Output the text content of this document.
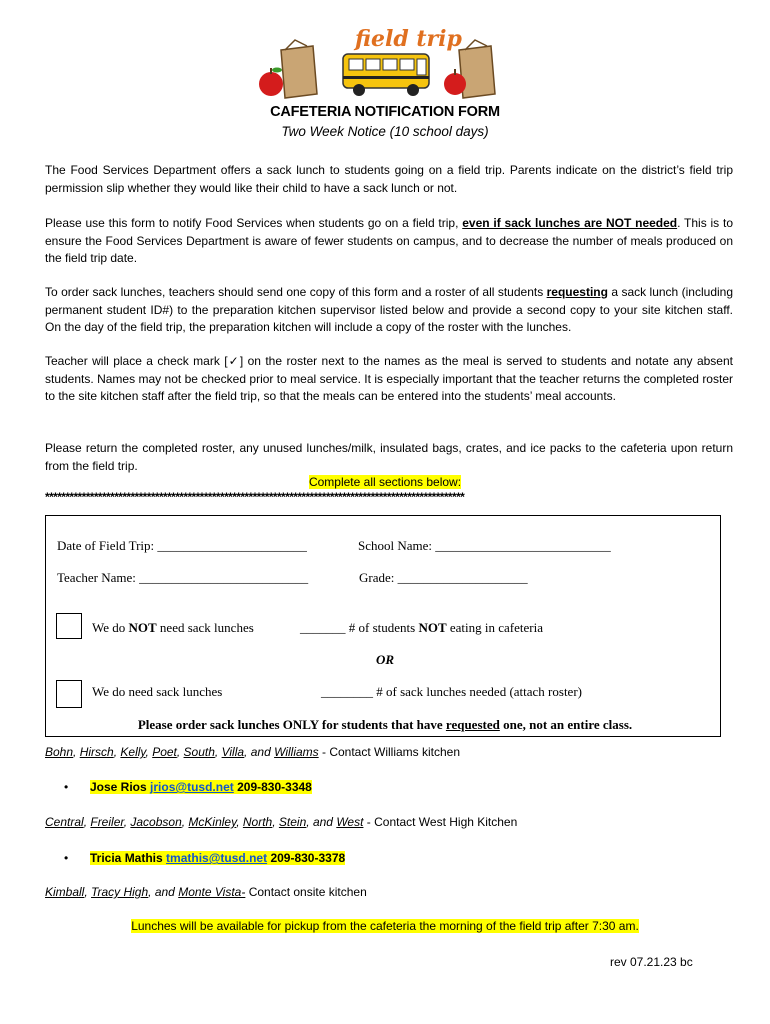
field trip
CAFETERIA NOTIFICATION FORM
Two Week Notice (10 school days)
The Food Services Department offers a sack lunch to students going on a field trip. Parents indicate on the district’s field trip permission slip whether they would like their child to have a sack lunch or not.
Please use this form to notify Food Services when students go on a field trip, even if sack lunches are NOT needed. This is to ensure the Food Services Department is aware of fewer students on campus, and to decrease the number of meals produced on the field trip date.
To order sack lunches, teachers should send one copy of this form and a roster of all students requesting a sack lunch (including permanent student ID#) to the preparation kitchen supervisor listed below and provide a second copy to your site kitchen staff. On the day of the field trip, the preparation kitchen will include a copy of the roster with the lunches.
Teacher will place a check mark [✓] on the roster next to the names as the meal is served to students and notate any absent students. Names may not be checked prior to meal service. It is especially important that the teacher returns the completed roster to the site kitchen staff after the field trip, so that the meals can be entered into the students’ meal accounts.
Please return the completed roster, any unused lunches/milk, insulated bags, crates, and ice packs to the cafeteria upon return from the field trip.
Complete all sections below:
*******************************************************************************************************
Date of Field Trip: _______________________	School Name: ___________________________
Teacher Name: __________________________	Grade: ____________________
We do NOT need sack lunches	_______ # of students NOT eating in cafeteria
OR
We do need sack lunches	________ # of sack lunches needed (attach roster)
Please order sack lunches ONLY for students that have requested one, not an entire class.
Bohn, Hirsch, Kelly, Poet, South, Villa, and Williams - Contact Williams kitchen
• Jose Rios jrios@tusd.net 209-830-3348
Central, Freiler, Jacobson, McKinley, North, Stein, and West - Contact West High Kitchen
• Tricia Mathis tmathis@tusd.net 209-830-3378
Kimball, Tracy High, and Monte Vista- Contact onsite kitchen
Lunches will be available for pickup from the cafeteria the morning of the field trip after 7:30 am.
rev 07.21.23 bc
